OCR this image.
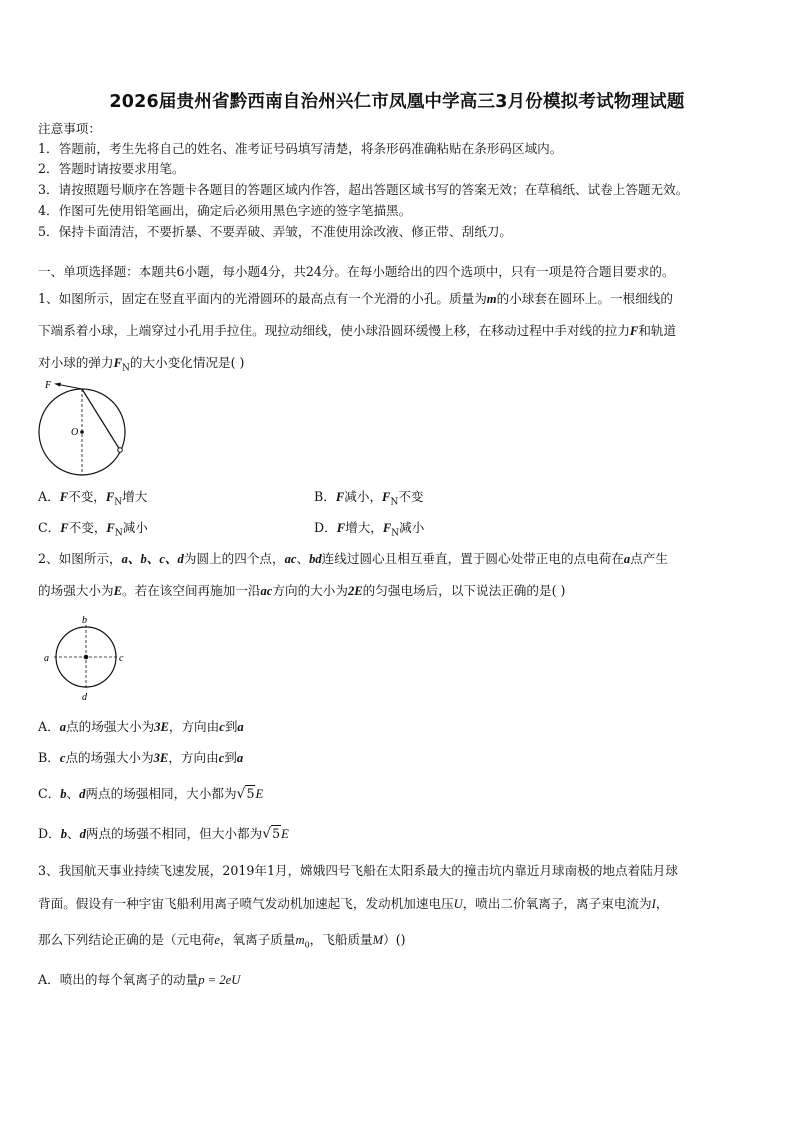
2026届贵州省黔西南自治州兴仁市凤凰中学高三3月份模拟考试物理试题
注意事项：
1．答题前，考生先将自己的姓名、准考证号码填写清楚，将条形码准确粘贴在条形码区域内。
2．答题时请按要求用笔。
3．请按照题号顺序在答题卡各题目的答题区域内作答，超出答题区域书写的答案无效；在草稿纸、试卷上答题无效。
4．作图可先使用铅笔画出，确定后必须用黑色字迹的签字笔描黑。
5．保持卡面清洁，不要折暴、不要弄破、弄皱，不准使用涂改液、修正带、刮纸刀。
一、单项选择题：本题共6小题，每小题4分，共24分。在每小题给出的四个选项中，只有一项是符合题目要求的。
1、如图所示，固定在竖直平面内的光滑圆环的最高点有一个光滑的小孔。质量为m的小球套在圆环上。一根细线的
下端系着小球，上端穿过小孔用手拉住。现拉动细线，使小球沿圆环缓慢上移，在移动过程中手对线的拉力F和轨道
对小球的弹力$F_N$的大小变化情况是( )
F
O
A．F不变，$F_N$增大	B．F减小，$F_N$不变
C．F不变，$F_N$减小	D．F增大，$F_N$减小
2、如图所示，a、b、c、d为圆上的四个点，ac、bd连线过圆心且相互垂直，置于圆心处带正电的点电荷在a点产生
的场强大小为E。若在该空间再施加一沿ac方向的大小为2E的匀强电场后，以下说法正确的是( )
b
a	c
d
A．a点的场强大小为3E，方向由c到a
B．c点的场强大小为3E，方向由c到a
C．b、d两点的场强相同，大小都为√5E
D．b、d两点的场强不相同，但大小都为√5E
3、我国航天事业持续飞速发展，2019年1月，嫦娥四号飞船在太阳系最大的撞击坑内靠近月球南极的地点着陆月球
背面。假设有一种宇宙飞船利用离子喷气发动机加速起飞，发动机加速电压U，喷出二价氧离子，离子束电流为I，
那么下列结论正确的是（元电荷e，氧离子质量$m_0$，飞船质量M）()
A．喷出的每个氧离子的动量p = 2eU
